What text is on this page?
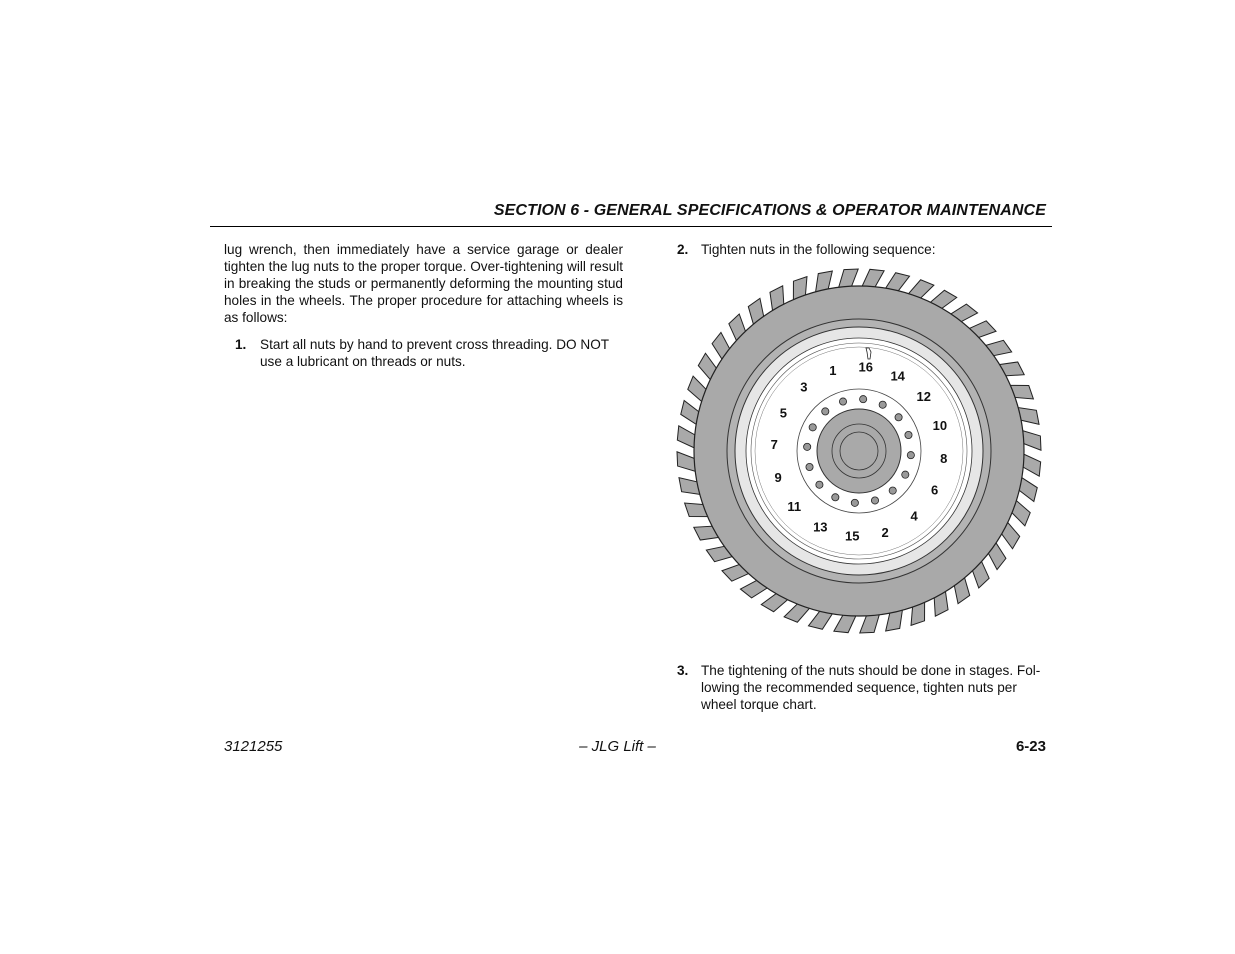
SECTION 6 - GENERAL SPECIFICATIONS & OPERATOR MAINTENANCE

lug wrench, then immediately have a service garage or dealer tighten the lug nuts to the proper torque. Over-tightening will result in breaking the studs or permanently deforming the mounting stud holes in the wheels. The proper procedure for attaching wheels is as follows:

1. Start all nuts by hand to prevent cross threading. DO NOT use a lubricant on threads or nuts.
2. Tighten nuts in the following sequence:
16
14
12
10
8
6
4
2
15
13
11
9
7
5
3
1
3. The tightening of the nuts should be done in stages. Fol- lowing the recommended sequence, tighten nuts per wheel torque chart.
3121255	– JLG Lift –	6-23
